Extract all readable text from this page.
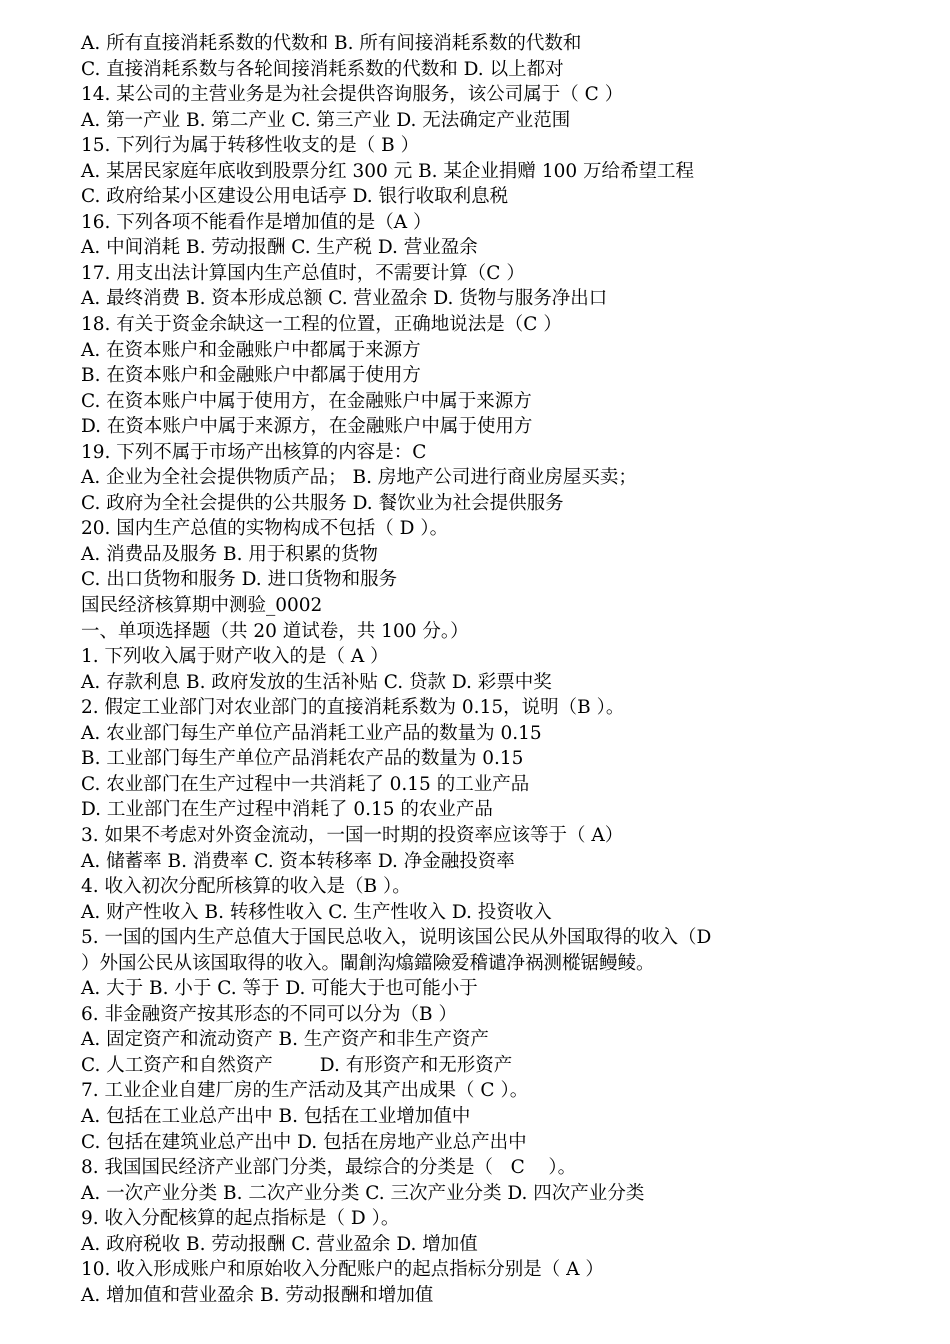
A. 所有直接消耗系数的代数和 B. 所有间接消耗系数的代数和
C. 直接消耗系数与各轮间接消耗系数的代数和 D. 以上都对
14. 某公司的主营业务是为社会提供咨询服务，该公司属于（ C ）
A. 第一产业 B. 第二产业 C. 第三产业 D. 无法确定产业范围
15. 下列行为属于转移性收支的是（ B ）
A. 某居民家庭年底收到股票分红 300 元 B. 某企业捐赠 100 万给希望工程
C. 政府给某小区建设公用电话亭 D. 银行收取利息税
16. 下列各项不能看作是增加值的是（A ）
A. 中间消耗 B. 劳动报酬 C. 生产税 D. 营业盈余
17. 用支出法计算国内生产总值时，不需要计算（C ）
A. 最终消费 B. 资本形成总额 C. 营业盈余 D. 货物与服务净出口
18. 有关于资金余缺这一工程的位置，正确地说法是（C ）
A. 在资本账户和金融账户中都属于来源方
B. 在资本账户和金融账户中都属于使用方
C. 在资本账户中属于使用方，在金融账户中属于来源方
D. 在资本账户中属于来源方，在金融账户中属于使用方
19. 下列不属于市场产出核算的内容是：C
A. 企业为全社会提供物质产品； B. 房地产公司进行商业房屋买卖；
C. 政府为全社会提供的公共服务 D. 餐饮业为社会提供服务
20. 国内生产总值的实物构成不包括（ D ）。
A. 消费品及服务 B. 用于积累的货物
C. 出口货物和服务 D. 进口货物和服务
国民经济核算期中测验_0002
一、单项选择题（共 20 道试卷，共 100 分。）
1. 下列收入属于财产收入的是（ A ）
A. 存款利息 B. 政府发放的生活补贴 C. 贷款 D. 彩票中奖
2. 假定工业部门对农业部门的直接消耗系数为 0.15，说明（B ）。
A. 农业部门每生产单位产品消耗工业产品的数量为 0.15
B. 工业部门每生产单位产品消耗农产品的数量为 0.15
C. 农业部门在生产过程中一共消耗了 0.15 的工业产品
D. 工业部门在生产过程中消耗了 0.15 的农业产品
3. 如果不考虑对外资金流动，一国一时期的投资率应该等于（ A）
A. 储蓄率 B. 消费率 C. 资本转移率 D. 净金融投资率
4. 收入初次分配所核算的收入是（B ）。
A. 财产性收入 B. 转移性收入 C. 生产性收入 D. 投资收入
5. 一国的国内生产总值大于国民总收入，说明该国公民从外国取得的收入（D
）外国公民从该国取得的收入。閳創沟熻鐺險爱稽谴净祸测樅锯鳗鲮。
A. 大于 B. 小于 C. 等于 D. 可能大于也可能小于
6. 非金融资产按其形态的不同可以分为（B ）
A. 固定资产和流动资产 B. 生产资产和非生产资产
C. 人工资产和自然资产        D. 有形资产和无形资产
7. 工业企业自建厂房的生产活动及其产出成果（ C ）。
A. 包括在工业总产出中 B. 包括在工业增加值中
C. 包括在建筑业总产出中 D. 包括在房地产业总产出中
8. 我国国民经济产业部门分类，最综合的分类是（   C    ）。
A. 一次产业分类 B. 二次产业分类 C. 三次产业分类 D. 四次产业分类
9. 收入分配核算的起点指标是（ D ）。
A. 政府税收 B. 劳动报酬 C. 营业盈余 D. 增加值
10. 收入形成账户和原始收入分配账户的起点指标分别是（ A ）
A. 增加值和营业盈余 B. 劳动报酬和增加值
